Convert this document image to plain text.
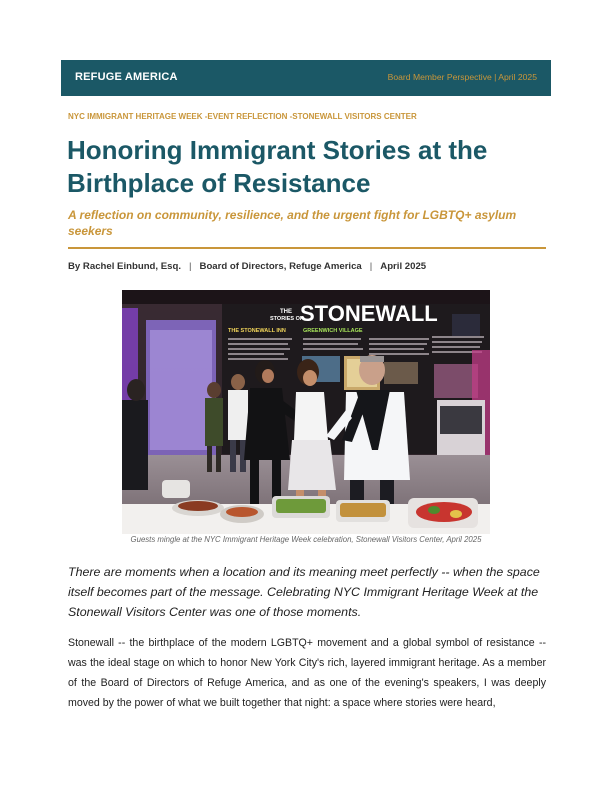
REFUGE AMERICA	Board Member Perspective | April 2025
NYC IMMIGRANT HERITAGE WEEK -EVENT REFLECTION -STONEWALL VISITORS CENTER
Honoring Immigrant Stories at the Birthplace of Resistance

A reflection on community, resilience, and the urgent fight for LGBTQ+ asylum seekers

By Rachel Einbund, Esq. | Board of Directors, Refuge America | April 2025
THE
STORIES OF
STONEWALL
THE STONEWALL INN	GREENWICH VILLAGE
Guests mingle at the NYC Immigrant Heritage Week celebration, Stonewall Visitors Center, April 2025

There are moments when a location and its meaning meet perfectly -- when the space itself becomes part of the message. Celebrating NYC Immigrant Heritage Week at the Stonewall Visitors Center was one of those moments.

Stonewall -- the birthplace of the modern LGBTQ+ movement and a global symbol of resistance -- was the ideal stage on which to honor New York City's rich, layered immigrant heritage. As a member of the Board of Directors of Refuge America, and as one of the evening's speakers, I was deeply moved by the power of what we built together that night: a space where stories were heard,
